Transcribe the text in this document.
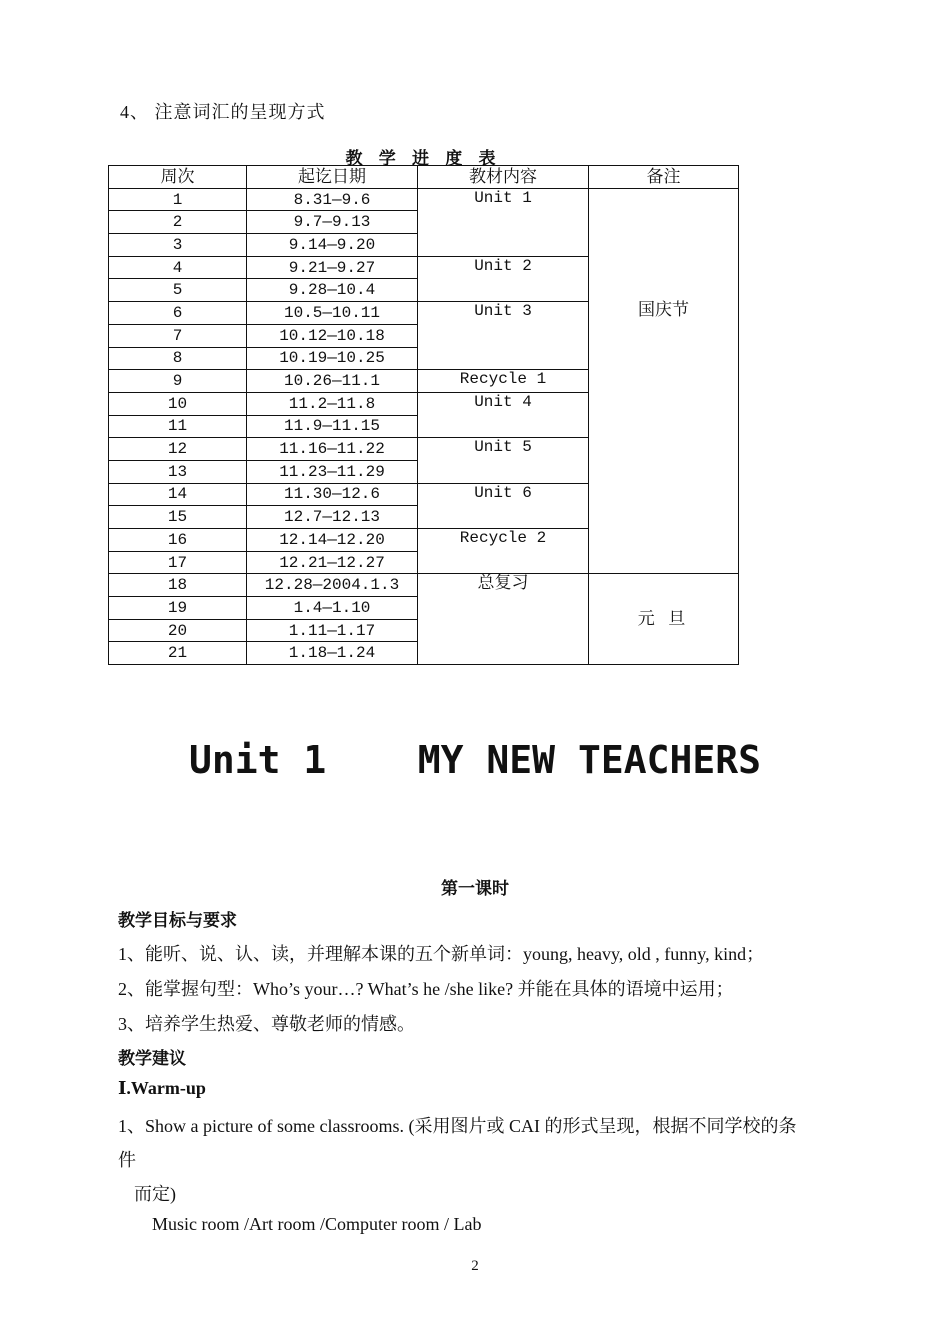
4、 注意词汇的呈现方式
教 学 进 度 表
周次	起讫日期	教材内容	备注
1	8.31—9.6	Unit 1	国庆节
2	9.7—9.13		
3	9.14—9.20		
4	9.21—9.27	Unit 2	
5	9.28—10.4		
6	10.5—10.11	Unit 3	
7	10.12—10.18		
8	10.19—10.25		
9	10.26—11.1	Recycle 1	
10	11.2—11.8	Unit 4	
11	11.9—11.15		
12	11.16—11.22	Unit 5	
13	11.23—11.29		
14	11.30—12.6	Unit 6	
15	12.7—12.13		
16	12.14—12.20	Recycle 2	
17	12.21—12.27		
18	12.28—2004.1.3	总复习	元 旦
19	1.4—1.10		
20	1.11—1.17		
21	1.18—1.24		
Unit 1    MY NEW TEACHERS
第一课时
教学目标与要求
1、能听、说、认、读，并理解本课的五个新单词：young, heavy, old , funny, kind；
2、能掌握句型：Who’s your…? What’s he /she like? 并能在具体的语境中运用；
3、培养学生热爱、尊敬老师的情感。
教学建议
Ⅰ.Warm-up
1、Show a picture of some classrooms. (采用图片或 CAI 的形式呈现，根据不同学校的条
件
而定)
Music room /Art room /Computer room / Lab
2
